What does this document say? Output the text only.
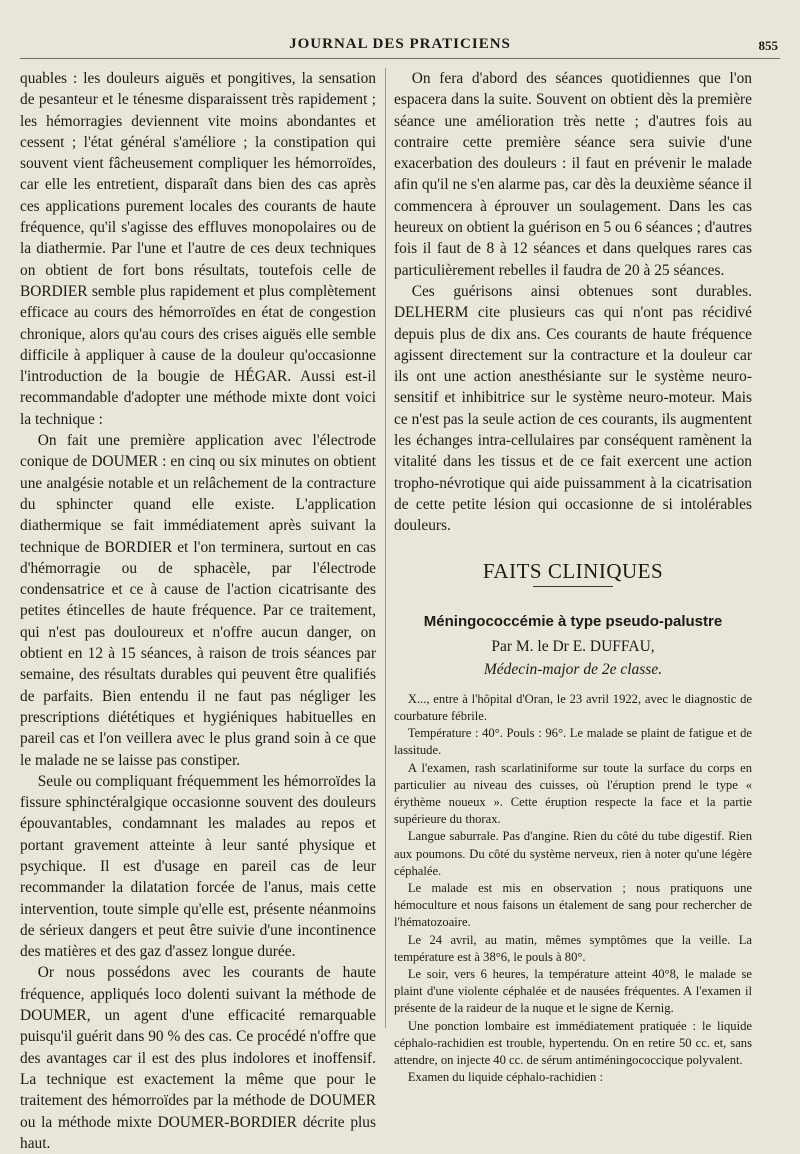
JOURNAL DES PRATICIENS	855

quables : les douleurs aiguës et pongitives, la sensation de pesanteur et le ténesme disparaissent très rapidement ; les hémorragies deviennent vite moins abondantes et cessent ; l'état général s'améliore ; la constipation qui souvent vient fâcheusement compliquer les hémorroïdes, car elle les entretient, disparaît dans bien des cas après ces applications purement locales des courants de haute fréquence, qu'il s'agisse des effluves monopolaires ou de la diathermie. Par l'une et l'autre de ces deux techniques on obtient de fort bons résultats, toutefois celle de BORDIER semble plus rapidement et plus complètement efficace au cours des hémorroïdes en état de congestion chronique, alors qu'au cours des crises aiguës elle semble difficile à appliquer à cause de la douleur qu'occasionne l'introduction de la bougie de HÉGAR. Aussi est-il recommandable d'adopter une méthode mixte dont voici la technique :

On fait une première application avec l'électrode conique de DOUMER : en cinq ou six minutes on obtient une analgésie notable et un relâchement de la contracture du sphincter quand elle existe. L'application diathermique se fait immédiatement après suivant la technique de BORDIER et l'on terminera, surtout en cas d'hémorragie ou de sphacèle, par l'électrode condensatrice et ce à cause de l'action cicatrisante des petites étincelles de haute fréquence. Par ce traitement, qui n'est pas douloureux et n'offre aucun danger, on obtient en 12 à 15 séances, à raison de trois séances par semaine, des résultats durables qui peuvent être qualifiés de parfaits. Bien entendu il ne faut pas négliger les prescriptions diététiques et hygiéniques habituelles en pareil cas et l'on veillera avec le plus grand soin à ce que le malade ne se laisse pas constiper.

Seule ou compliquant fréquemment les hémorroïdes la fissure sphinctéralgique occasionne souvent des douleurs épouvantables, condamnant les malades au repos et portant gravement atteinte à leur santé physique et psychique. Il est d'usage en pareil cas de leur recommander la dilatation forcée de l'anus, mais cette intervention, toute simple qu'elle est, présente néanmoins de sérieux dangers et peut être suivie d'une incontinence des matières et des gaz d'assez longue durée.

Or nous possédons avec les courants de haute fréquence, appliqués loco dolenti suivant la méthode de DOUMER, un agent d'une efficacité remarquable puisqu'il guérit dans 90 % des cas. Ce procédé n'offre que des avantages car il est des plus indolores et inoffensif. La technique est exactement la même que pour le traitement des hémorroïdes par la méthode de DOUMER ou la méthode mixte DOUMER-BORDIER décrite plus haut.

On fera d'abord des séances quotidiennes que l'on espacera dans la suite. Souvent on obtient dès la première séance une amélioration très nette ; d'autres fois au contraire cette première séance sera suivie d'une exacerbation des douleurs : il faut en prévenir le malade afin qu'il ne s'en alarme pas, car dès la deuxième séance il commencera à éprouver un soulagement. Dans les cas heureux on obtient la guérison en 5 ou 6 séances ; d'autres fois il faut de 8 à 12 séances et dans quelques rares cas particulièrement rebelles il faudra de 20 à 25 séances.

Ces guérisons ainsi obtenues sont durables. DELHERM cite plusieurs cas qui n'ont pas récidivé depuis plus de dix ans. Ces courants de haute fréquence agissent directement sur la contracture et la douleur car ils ont une action anesthésiante sur le système neuro-sensitif et inhibitrice sur le système neuro-moteur. Mais ce n'est pas la seule action de ces courants, ils augmentent les échanges intra-cellulaires par conséquent ramènent la vitalité dans les tissus et de ce fait exercent une action tropho-névrotique qui aide puissamment à la cicatrisation de cette petite lésion qui occasionne de si intolérables douleurs.

FAITS CLINIQUES
Méningococcémie à type pseudo-palustre
Par M. le Dr E. DUFFAU,
Médecin-major de 2e classe.

X..., entre à l'hôpital d'Oran, le 23 avril 1922, avec le diagnostic de courbature fébrile.

Température : 40°. Pouls : 96°. Le malade se plaint de fatigue et de lassitude.

A l'examen, rash scarlatiniforme sur toute la surface du corps en particulier au niveau des cuisses, où l'éruption prend le type « érythème noueux ». Cette éruption respecte la face et la partie supérieure du thorax.

Langue saburrale. Pas d'angine. Rien du côté du tube digestif. Rien aux poumons. Du côté du système nerveux, rien à noter qu'une légère céphalée.

Le malade est mis en observation ; nous pratiquons une hémoculture et nous faisons un étalement de sang pour rechercher de l'hématozoaire.

Le 24 avril, au matin, mêmes symptômes que la veille. La température est à 38°6, le pouls à 80°.

Le soir, vers 6 heures, la température atteint 40°8, le malade se plaint d'une violente céphalée et de nausées fréquentes. A l'examen il présente de la raideur de la nuque et le signe de Kernig.

Une ponction lombaire est immédiatement pratiquée : le liquide céphalo-rachidien est trouble, hypertendu. On en retire 50 cc. et, sans attendre, on injecte 40 cc. de sérum antiméningococcique polyvalent.

Examen du liquide céphalo-rachidien :
